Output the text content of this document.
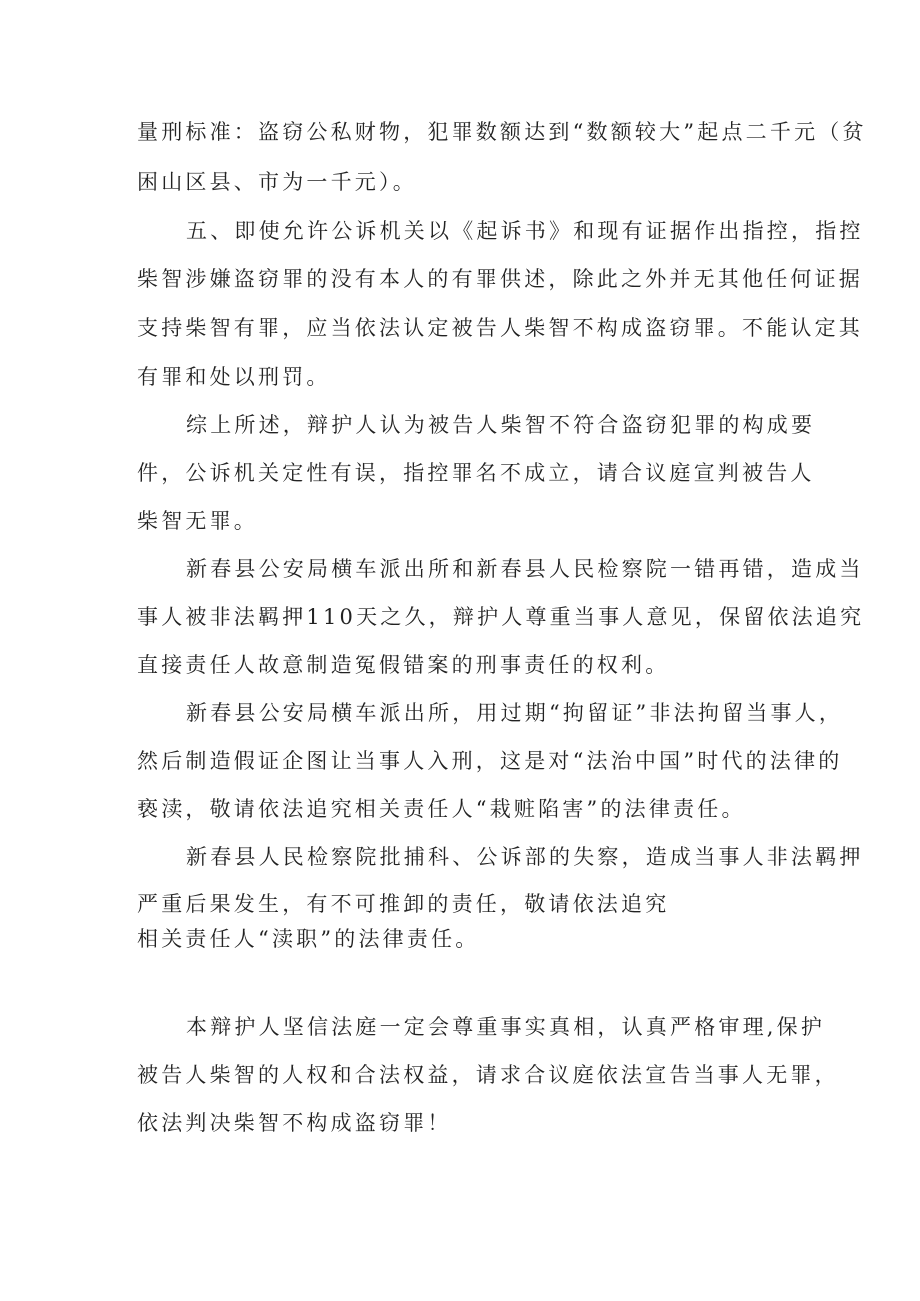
量刑标准：盗窃公私财物，犯罪数额达到“数额较大”起点二千元（贫
困山区县、市为一千元）。
五、即使允许公诉机关以《起诉书》和现有证据作出指控，指控
柴智涉嫌盗窃罪的没有本人的有罪供述，除此之外并无其他任何证据
支持柴智有罪，应当依法认定被告人柴智不构成盗窃罪。不能认定其
有罪和处以刑罚。
综上所述，辩护人认为被告人柴智不符合盗窃犯罪的构成要
件，公诉机关定性有误，指控罪名不成立，请合议庭宣判被告人
柴智无罪。
新春县公安局横车派出所和新春县人民检察院一错再错，造成当
事人被非法羁押110天之久，辩护人尊重当事人意见，保留依法追究
直接责任人故意制造冤假错案的刑事责任的权利。
新春县公安局横车派出所，用过期“拘留证”非法拘留当事人，
然后制造假证企图让当事人入刑，这是对“法治中国”时代的法律的
亵渎，敬请依法追究相关责任人“栽赃陷害”的法律责任。
新春县人民检察院批捕科、公诉部的失察，造成当事人非法羁押
严重后果发生，有不可推卸的责任，敬请依法追究
相关责任人“渎职”的法律责任。
本辩护人坚信法庭一定会尊重事实真相，认真严格审理,保护
被告人柴智的人权和合法权益，请求合议庭依法宣告当事人无罪，
依法判决柴智不构成盗窃罪！
